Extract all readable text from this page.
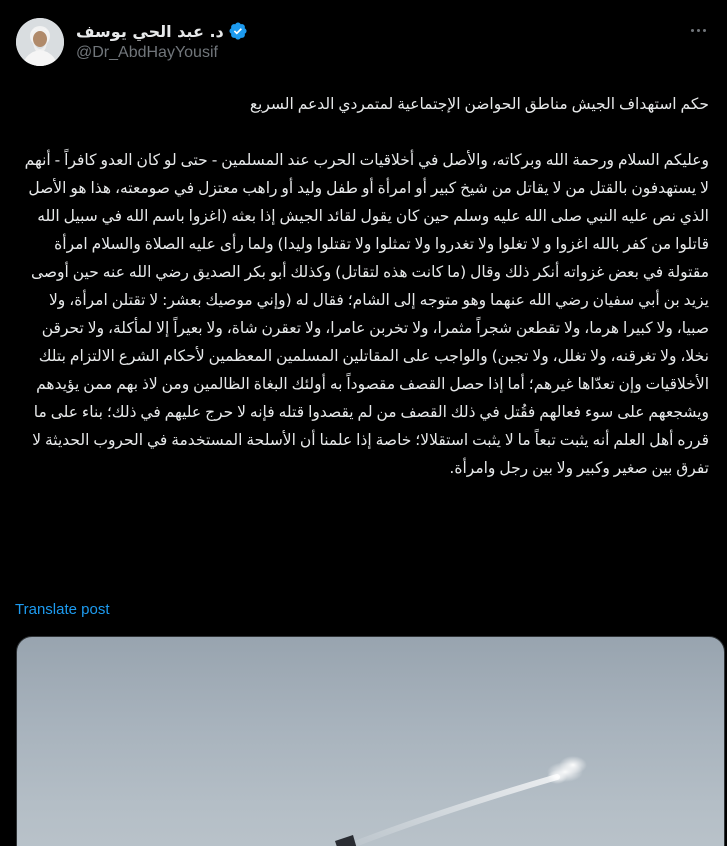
د. عبد الحي يوسف
@Dr_AbdHayYousif
حكم استهداف الجيش مناطق الحواضن الإجتماعية لمتمردي الدعم السريع

وعليكم السلام ورحمة الله وبركاته، والأصل في أخلاقيات الحرب عند المسلمين - حتى لو كان العدو كافراً - أنهم لا يستهدفون بالقتل من لا يقاتل من شيخ كبير أو امرأة أو طفل وليد أو راهب معتزل في صومعته، هذا هو الأصل الذي نص عليه النبي صلى الله عليه وسلم حين كان يقول لقائد الجيش إذا بعثه (اغزوا باسم الله في سبيل الله قاتلوا من كفر بالله اغزوا و لا تغلوا ولا تغدروا ولا تمثلوا ولا تقتلوا وليدا) ولما رأى عليه الصلاة والسلام امرأة مقتولة في بعض غزواته أنكر ذلك وقال (ما كانت هذه لتقاتل) وكذلك أبو بكر الصديق رضي الله عنه حين أوصى يزيد بن أبي سفيان رضي الله عنهما وهو متوجه إلى الشام؛ فقال له (وإني موصيك بعشر: لا تقتلن امرأة، ولا صبيا، ولا كبيرا هرما، ولا تقطعن شجراً مثمرا، ولا تخربن عامرا، ولا تعقرن شاة، ولا بعيراً إلا لمأكلة، ولا تحرقن نخلا، ولا تغرقنه، ولا تغلل، ولا تجبن) والواجب على المقاتلين المسلمين المعظمين لأحكام الشرع الالتزام بتلك الأخلاقيات وإن تعدّاها غيرهم؛ أما إذا حصل القصف مقصوداً به أولئك البغاة الظالمين ومن لاذ بهم ممن يؤيدهم ويشجعهم على سوء فعالهم فقُتل في ذلك القصف من لم يقصدوا قتله فإنه لا حرج عليهم في ذلك؛ بناء على ما قرره أهل العلم أنه يثبت تبعاً ما لا يثبت استقلالا؛ خاصة إذا علمنا أن الأسلحة المستخدمة في الحروب الحديثة لا تفرق بين صغير وكبير ولا بين رجل وامرأة.
Translate post
